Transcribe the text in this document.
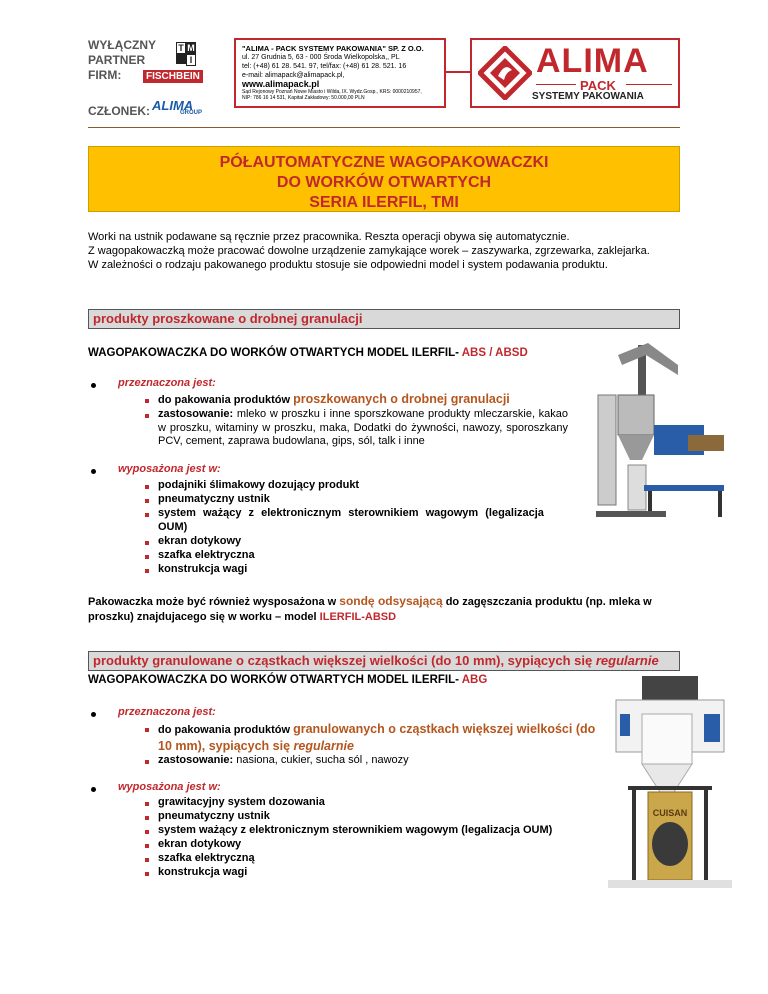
WYŁĄCZNY
PARTNER
FIRM:
T M
I
FISCHBEIN
CZŁONEK: ALIMA
GROUP
"ALIMA - PACK SYSTEMY PAKOWANIA" SP. Z O.O.
ul. 27 Grudnia 5, 63 - 000 Środa Wielkopolska,, PL
tel: (+48) 61 28. 541. 97, tel/fax: (+48) 61 28. 521. 16
e-mail: alimapack@alimapack.pl,
www.alimapack.pl
Sąd Rejonowy Poznań Nowe Miasto i Wilda, IX. Wydz.Gosp., KRS: 0000210957,
NIP: 786 16 14 531, Kapitał Zakładowy: 50.000,00 PLN
ALIMA
PACK
SYSTEMY PAKOWANIA
PÓŁAUTOMATYCZNE WAGOPAKOWACZKI
DO WORKÓW OTWARTYCH
SERIA ILERFIL, TMI

Worki na ustnik podawane są ręcznie przez pracownika. Reszta operacji obywa się automatycznie.

Z wagopakowaczką może pracować dowolne urządzenie zamykające worek – zaszywarka, zgrzewarka, zaklejarka.

W zależności o rodzaju pakowanego produktu stosuje sie odpowiedni model i system podawania produktu.

produkty proszkowane o drobnej granulacji
WAGOPAKOWACZKA DO WORKÓW OTWARTYCH MODEL ILERFIL- ABS / ABSD
przeznaczona jest:
do pakowania produktów proszkowanych o drobnej granulacji
zastosowanie: mleko w proszku i inne sporszkowane produkty mleczarskie, kakao w proszku, witaminy w proszku, maka, Dodatki do żywności, nawozy, sporoszkany PCV, cement, zaprawa budowlana, gips, sól, talk i inne
wyposażona jest w:
podajniki ślimakowy dozujący produkt
pneumatyczny ustnik
system ważący z elektronicznym sterownikiem wagowym (legalizacja OUM)
ekran dotykowy
szafka elektryczna
konstrukcja wagi
Pakowaczka może być również wysposażona w sondę odsysającą do zagęszczania produktu (np. mleka w proszku) znajdujacego się w worku – model ILERFIL-ABSD
produkty granulowane o cząstkach większej wielkości (do 10 mm), sypiących się regularnie
WAGOPAKOWACZKA DO WORKÓW OTWARTYCH MODEL ILERFIL- ABG
przeznaczona jest:
do pakowania produktów granulowanych o cząstkach większej wielkości (do 10 mm), sypiących się regularnie
zastosowanie: nasiona, cukier, sucha sól , nawozy
wyposażona jest w:
grawitacyjny system dozowania
pneumatyczny ustnik
system ważący z elektronicznym sterownikiem wagowym (legalizacja OUM)
ekran dotykowy
szafka elektryczną
konstrukcja wagi
CUISAN
